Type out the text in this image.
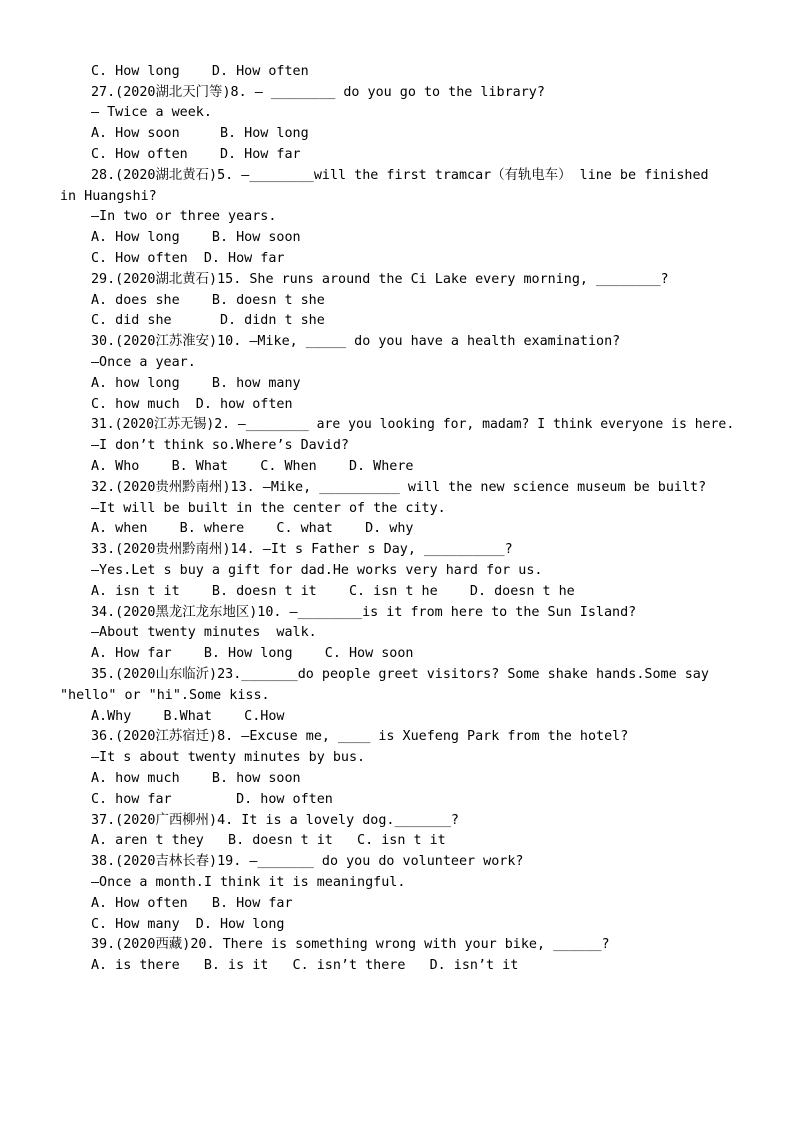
C. How long    D. How often
27.(2020湖北天门等)8. — ________ do you go to the library?
— Twice a week.
A. How soon     B. How long
C. How often    D. How far
28.(2020湖北黄石)5. —________will the first tramcar（有轨电车） line be finished
in Huangshi?
—In two or three years.
A. How long    B. How soon
C. How often  D. How far
29.(2020湖北黄石)15. She runs around the Ci Lake every morning, ________?
A. does she    B. doesn t she
C. did she      D. didn t she
30.(2020江苏淮安)10. —Mike, _____ do you have a health examination?
—Once a year.
A. how long    B. how many
C. how much  D. how often
31.(2020江苏无锡)2. —________ are you looking for, madam? I think everyone is here.
—I don’t think so.Where’s David?
A. Who    B. What    C. When    D. Where
32.(2020贵州黔南州)13. —Mike, __________ will the new science museum be built?
—It will be built in the center of the city.
A. when    B. where    C. what    D. why
33.(2020贵州黔南州)14. —It s Father s Day, __________?
—Yes.Let s buy a gift for dad.He works very hard for us.
A. isn t it    B. doesn t it    C. isn t he    D. doesn t he
34.(2020黑龙江龙东地区)10. —________is it from here to the Sun Island?
—About twenty minutes  walk.
A. How far    B. How long    C. How soon
35.(2020山东临沂)23._______do people greet visitors? Some shake hands.Some say
"hello" or "hi".Some kiss.
A.Why    B.What    C.How
36.(2020江苏宿迁)8. —Excuse me, ____ is Xuefeng Park from the hotel?
—It s about twenty minutes by bus.
A. how much    B. how soon
C. how far        D. how often
37.(2020广西柳州)4. It is a lovely dog._______?
A. aren t they   B. doesn t it   C. isn t it
38.(2020吉林长春)19. —_______ do you do volunteer work?
—Once a month.I think it is meaningful.
A. How often   B. How far
C. How many  D. How long
39.(2020西藏)20. There is something wrong with your bike, ______?
A. is there   B. is it   C. isn’t there   D. isn’t it
